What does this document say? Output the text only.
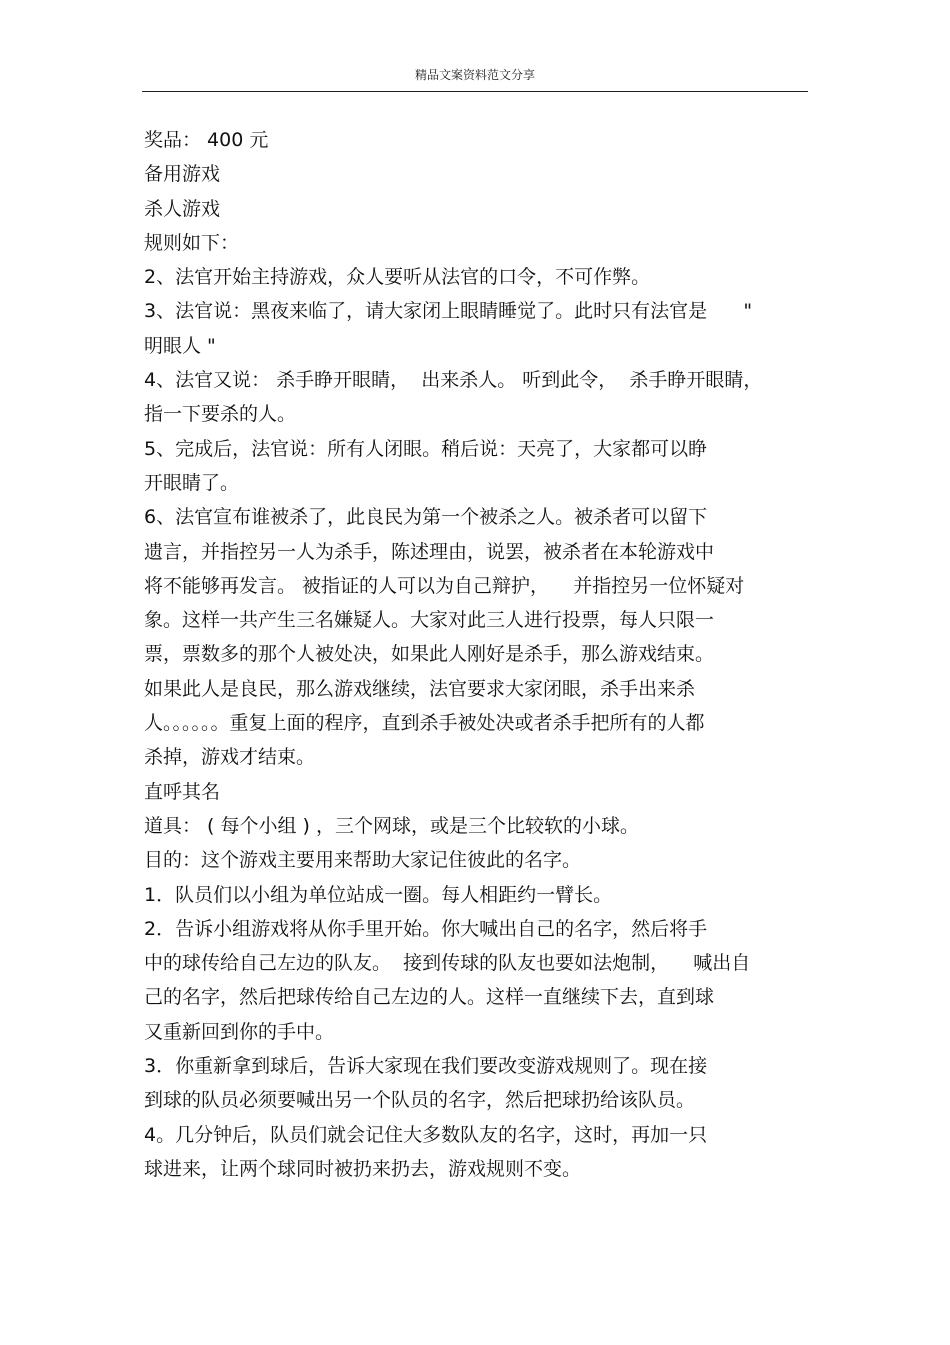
精品文案资料范文分享
奖品： 400 元
备用游戏
杀人游戏
规则如下：
2、法官开始主持游戏，众人要听从法官的口令，不可作弊。
3、法官说：黑夜来临了，请大家闭上眼睛睡觉了。此时只有法官是      "
明眼人 "
4、法官又说： 杀手睁开眼睛，  出来杀人。 听到此令，  杀手睁开眼睛，
指一下要杀的人。
5、完成后，法官说：所有人闭眼。稍后说：天亮了，大家都可以睁
开眼睛了。
6、法官宣布谁被杀了，此良民为第一个被杀之人。被杀者可以留下
遗言，并指控另一人为杀手，陈述理由，说罢，被杀者在本轮游戏中
将不能够再发言。 被指证的人可以为自己辩护，    并指控另一位怀疑对
象。这样一共产生三名嫌疑人。大家对此三人进行投票，每人只限一
票，票数多的那个人被处决，如果此人刚好是杀手，那么游戏结束。
如果此人是良民，那么游戏继续，法官要求大家闭眼，杀手出来杀
人。。。。。。重复上面的程序，直到杀手被处决或者杀手把所有的人都
杀掉，游戏才结束。
直呼其名
道具： ( 每个小组 ) ，三个网球，或是三个比较软的小球。
目的：这个游戏主要用来帮助大家记住彼此的名字。
1．队员们以小组为单位站成一圈。每人相距约一臂长。
2．告诉小组游戏将从你手里开始。你大喊出自己的名字，然后将手
中的球传给自己左边的队友。  接到传球的队友也要如法炮制，    喊出自
己的名字，然后把球传给自己左边的人。这样一直继续下去，直到球
又重新回到你的手中。
3．你重新拿到球后，告诉大家现在我们要改变游戏规则了。现在接
到球的队员必须要喊出另一个队员的名字，然后把球扔给该队员。
4。几分钟后，队员们就会记住大多数队友的名字，这时，再加一只
球进来，让两个球同时被扔来扔去，游戏规则不变。
